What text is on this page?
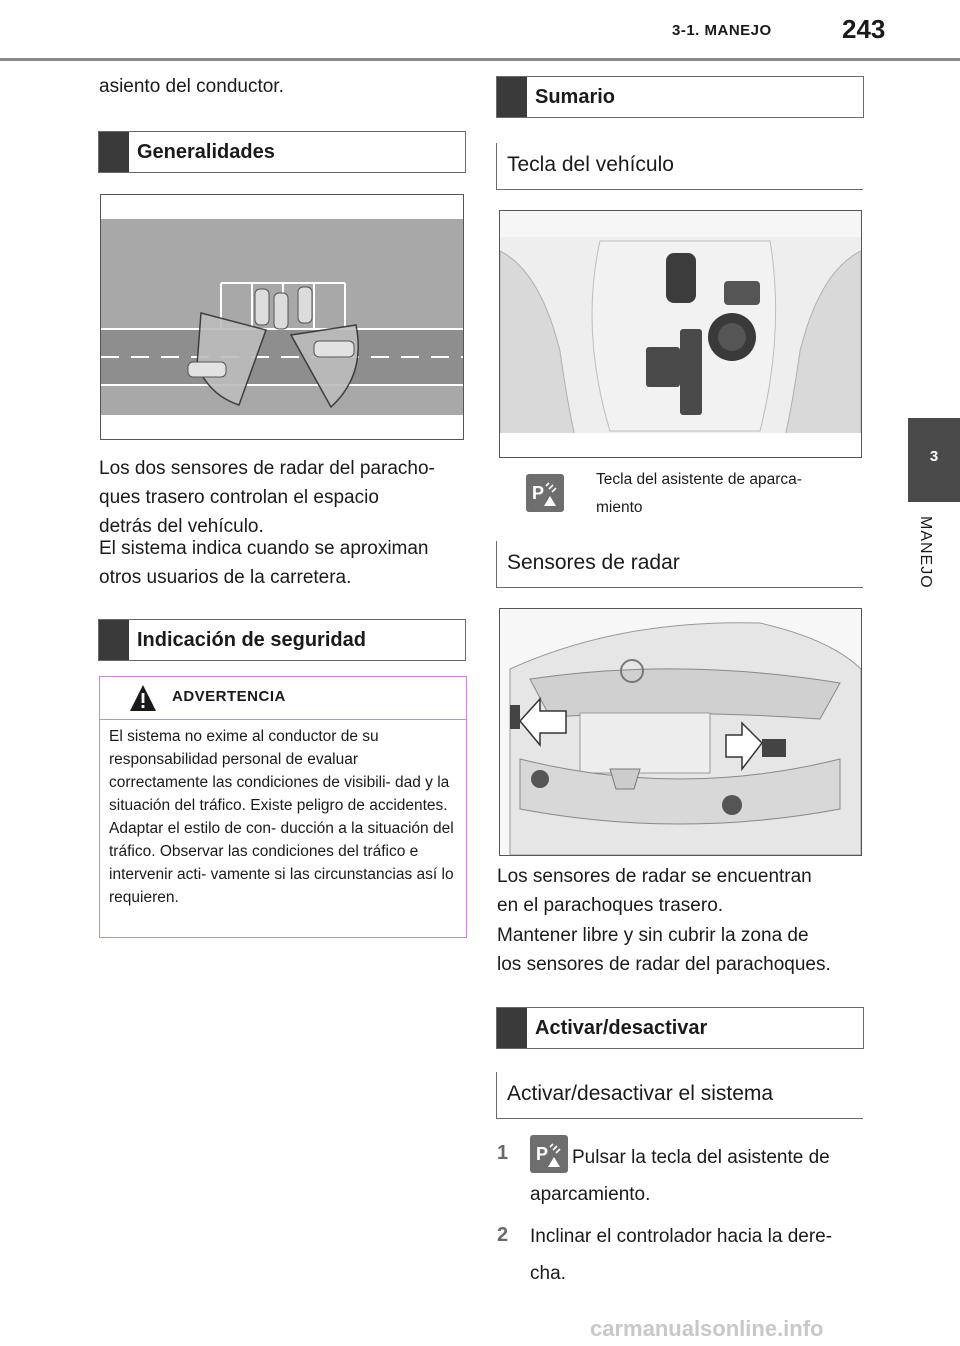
3-1. MANEJO	243
3
MANEJO
asiento del conductor.
Generalidades
Los dos sensores de radar del paracho-
ques trasero controlan el espacio
detrás del vehículo.
El sistema indica cuando se aproximan
otros usuarios de la carretera.
Indicación de seguridad
ADVERTENCIA
El sistema no exime al conductor de su responsabilidad personal de evaluar correctamente las condiciones de visibili- dad y la situación del tráfico. Existe peligro de accidentes. Adaptar el estilo de con- ducción a la situación del tráfico. Observar las condiciones del tráfico e intervenir acti- vamente si las circunstancias así lo requieren.
Sumario
Tecla del vehículo
P
Tecla del asistente de aparca-
miento
Sensores de radar
Los sensores de radar se encuentran
en el parachoques trasero.
Mantener libre y sin cubrir la zona de
los sensores de radar del parachoques.
Activar/desactivar
Activar/desactivar el sistema
1 P Pulsar la tecla del asistente de
aparcamiento.
2 Inclinar el controlador hacia la dere-
cha.
carmanualsonline.info
